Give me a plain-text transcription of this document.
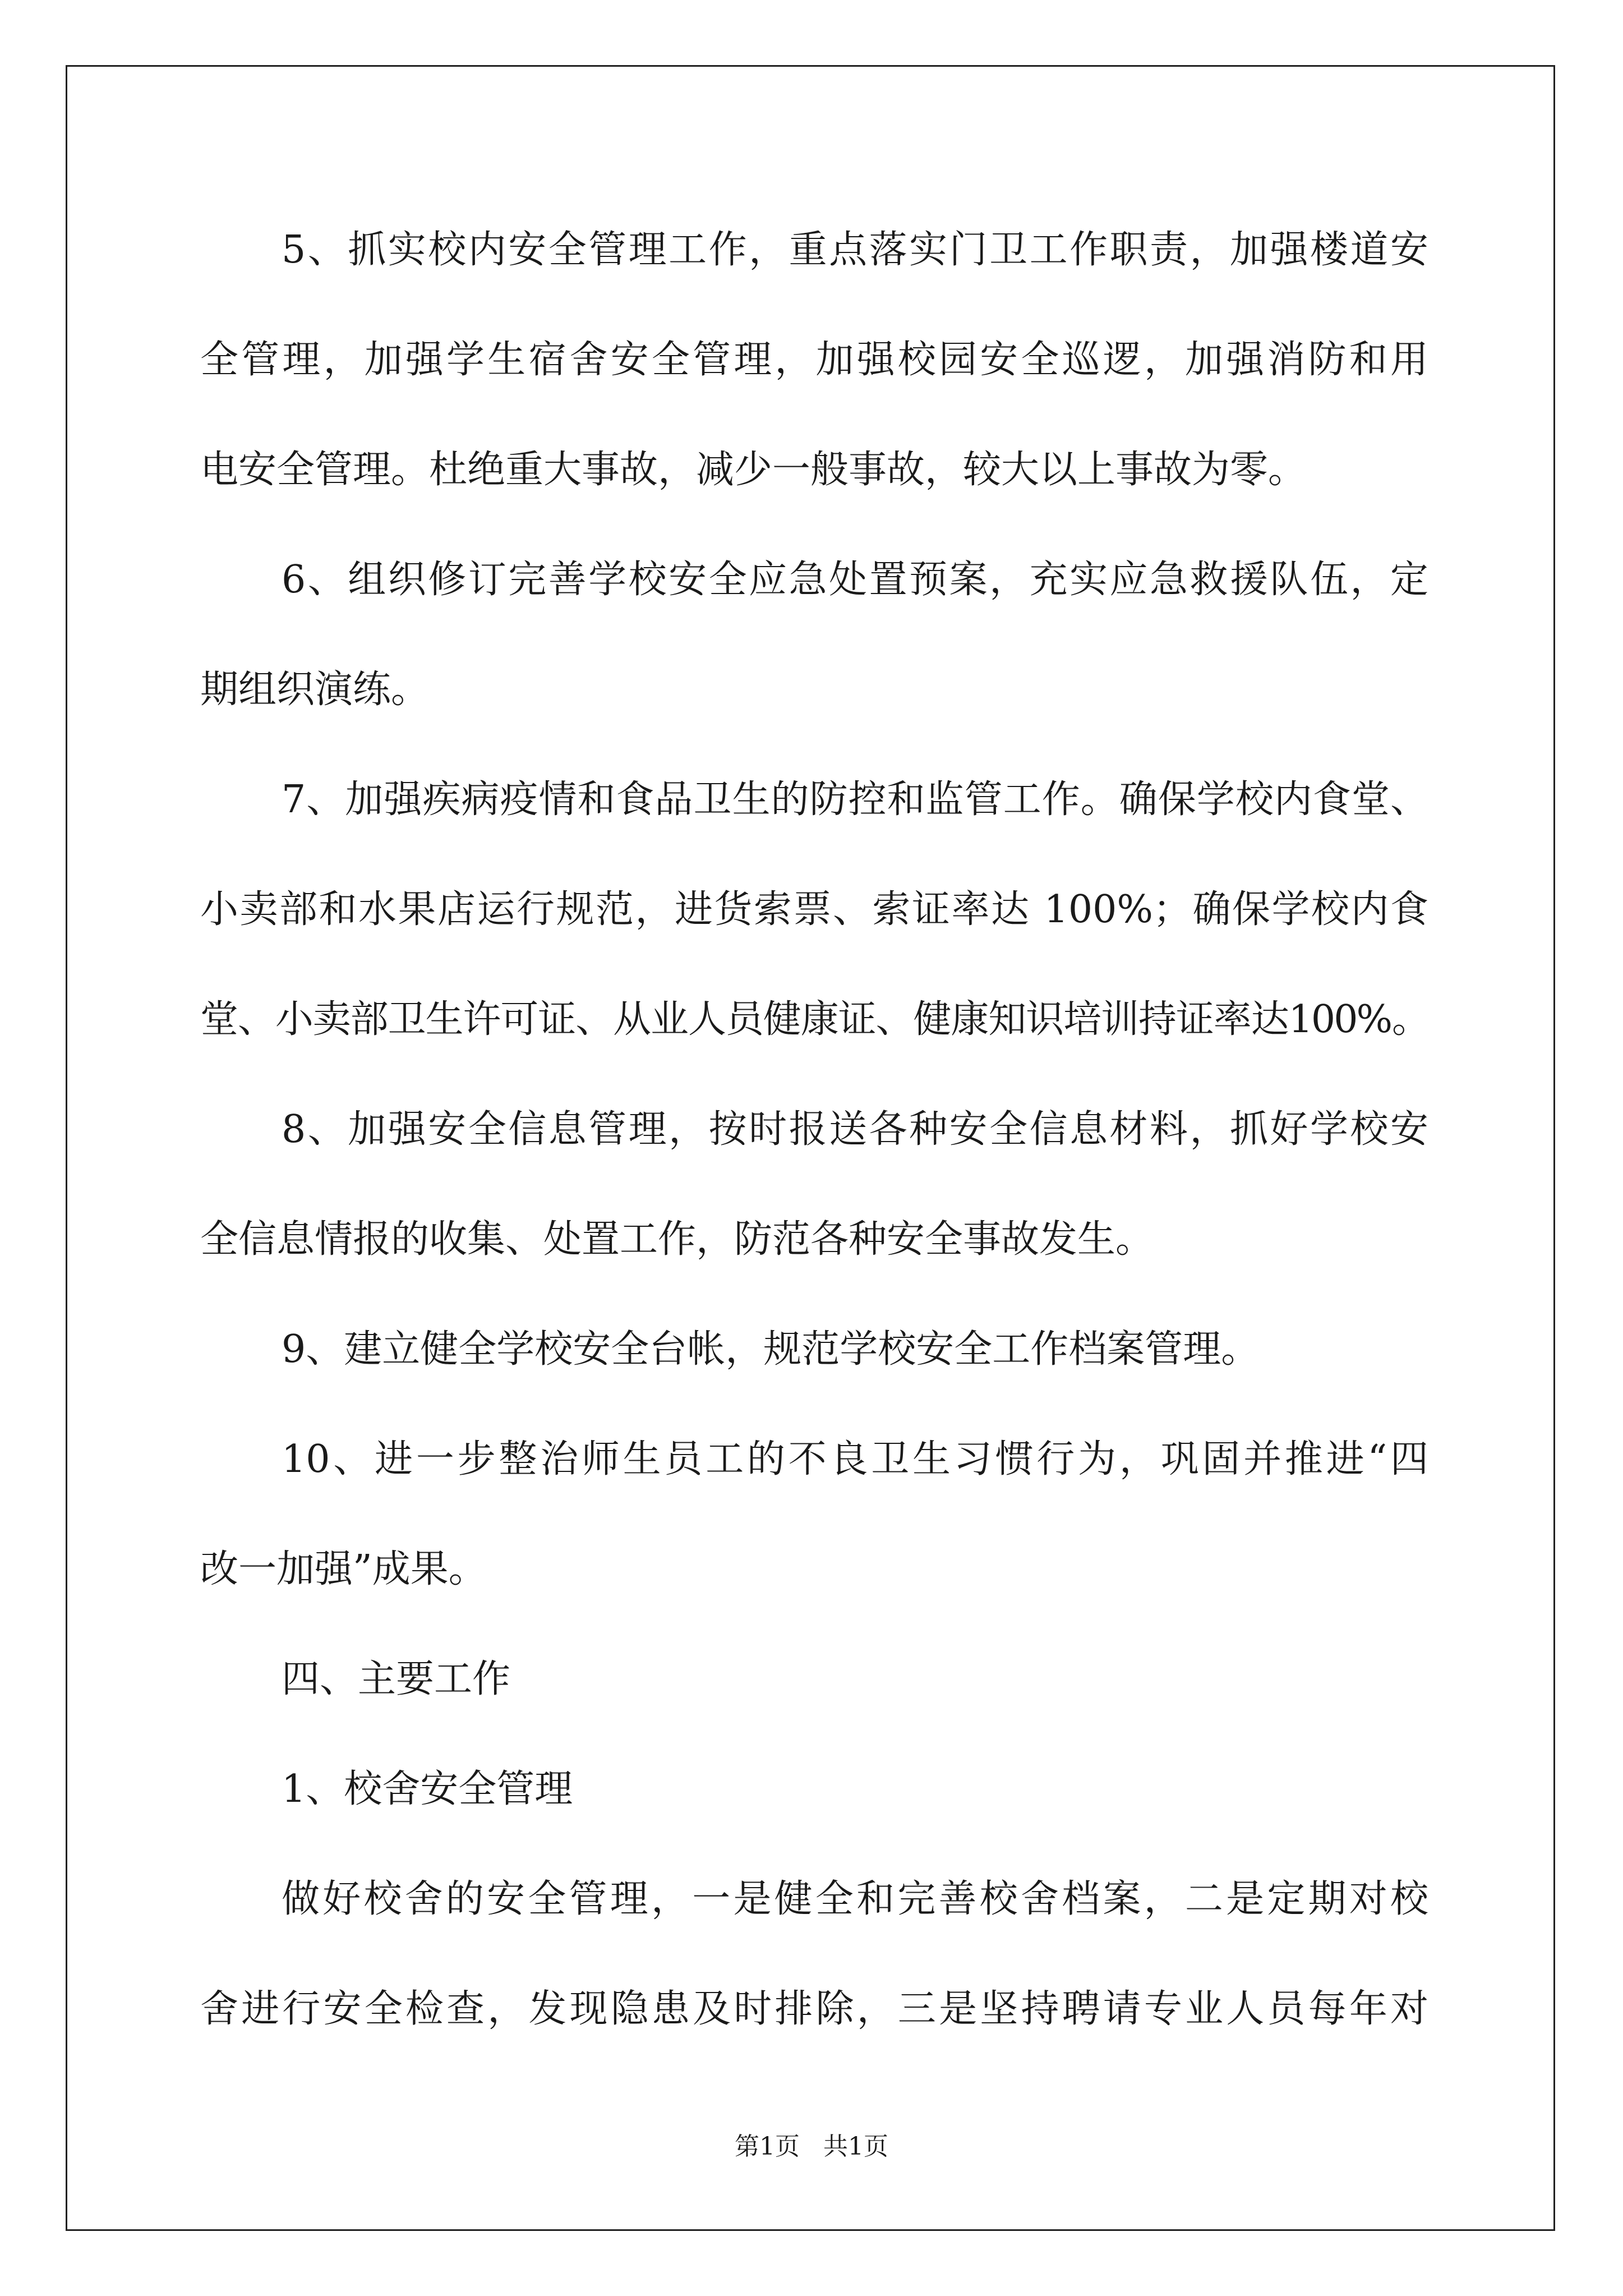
5、抓实校内安全管理工作，重点落实门卫工作职责，加强楼道安
全管理，加强学生宿舍安全管理，加强校园安全巡逻，加强消防和用
电安全管理。杜绝重大事故，减少一般事故，较大以上事故为零。
6、组织修订完善学校安全应急处置预案，充实应急救援队伍，定
期组织演练。
7、加强疾病疫情和食品卫生的防控和监管工作。确保学校内食堂、
小卖部和水果店运行规范，进货索票、索证率达 100%；确保学校内食
堂、小卖部卫生许可证、从业人员健康证、健康知识培训持证率达100%。
8、加强安全信息管理，按时报送各种安全信息材料，抓好学校安
全信息情报的收集、处置工作，防范各种安全事故发生。
9、建立健全学校安全台帐，规范学校安全工作档案管理。
10、进一步整治师生员工的不良卫生习惯行为，巩固并推进“四
改一加强”成果。
四、主要工作
1、校舍安全管理
做好校舍的安全管理，一是健全和完善校舍档案，二是定期对校
舍进行安全检查，发现隐患及时排除，三是坚持聘请专业人员每年对
第1页   共1页
